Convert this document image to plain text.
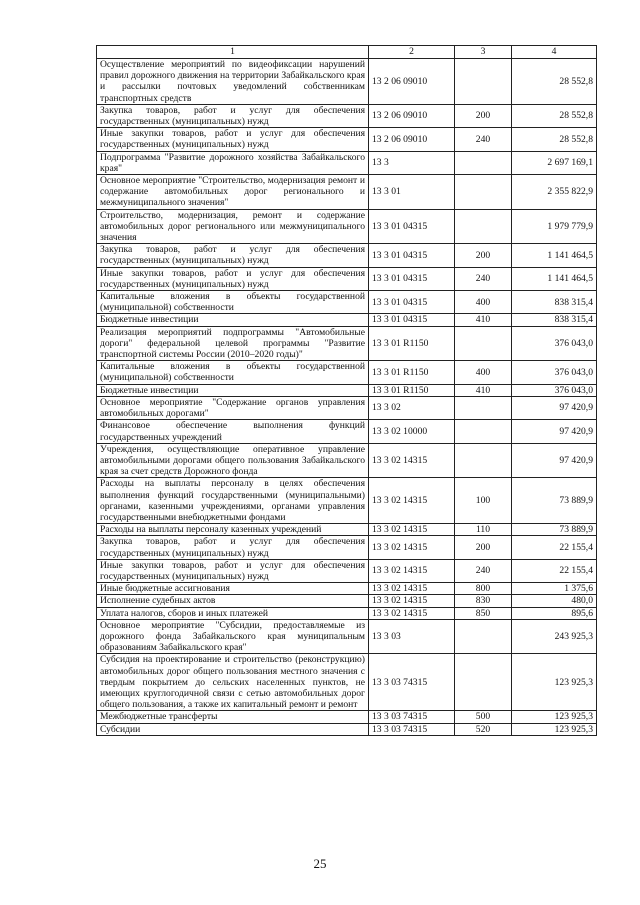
1	2	3	4
Осуществление мероприятий по видеофиксации нарушений правил дорожного движения на территории Забайкальского края и рассылки почтовых уведомлений собственникам транспортных средств	13 2 06 09010		28 552,8
Закупка товаров, работ и услуг для обеспечения государственных (муниципальных) нужд	13 2 06 09010	200	28 552,8
Иные закупки товаров, работ и услуг для обеспечения государственных (муниципальных) нужд	13 2 06 09010	240	28 552,8
Подпрограмма "Развитие дорожного хозяйства Забайкальского края"	13 3		2 697 169,1
Основное мероприятие "Строительство, модернизация ремонт и содержание автомобильных дорог регионального и межмуниципального значения"	13 3 01		2 355 822,9
Строительство, модернизация, ремонт и содержание автомобильных дорог регионального или межмуниципального значения	13 3 01 04315		1 979 779,9
Закупка товаров, работ и услуг для обеспечения государственных (муниципальных) нужд	13 3 01 04315	200	1 141 464,5
Иные закупки товаров, работ и услуг для обеспечения государственных (муниципальных) нужд	13 3 01 04315	240	1 141 464,5
Капитальные вложения в объекты государственной (муниципальной) собственности	13 3 01 04315	400	838 315,4
Бюджетные инвестиции	13 3 01 04315	410	838 315,4
Реализация мероприятий подпрограммы "Автомобильные дороги" федеральной целевой программы "Развитие транспортной системы России (2010–2020 годы)"	13 3 01 R1150		376 043,0
Капитальные вложения в объекты государственной (муниципальной) собственности	13 3 01 R1150	400	376 043,0
Бюджетные инвестиции	13 3 01 R1150	410	376 043,0
Основное мероприятие "Содержание органов управления автомобильных дорогами"	13 3 02		97 420,9
Финансовое обеспечение выполнения функций государственных учреждений	13 3 02 10000		97 420,9
Учреждения, осуществляющие оперативное управление автомобильными дорогами общего пользования Забайкальского края за счет средств Дорожного фонда	13 3 02 14315		97 420,9
Расходы на выплаты персоналу в целях обеспечения выполнения функций государственными (муниципальными) органами, казенными учреждениями, органами управления государственными внебюджетными фондами	13 3 02 14315	100	73 889,9
Расходы на выплаты персоналу казенных учреждений	13 3 02 14315	110	73 889,9
Закупка товаров, работ и услуг для обеспечения государственных (муниципальных) нужд	13 3 02 14315	200	22 155,4
Иные закупки товаров, работ и услуг для обеспечения государственных (муниципальных) нужд	13 3 02 14315	240	22 155,4
Иные бюджетные ассигнования	13 3 02 14315	800	1 375,6
Исполнение судебных актов	13 3 02 14315	830	480,0
Уплата налогов, сборов и иных платежей	13 3 02 14315	850	895,6
Основное мероприятие "Субсидии, предоставляемые из дорожного фонда Забайкальского края муниципальным образованиям Забайкальского края"	13 3 03		243 925,3
Субсидия на проектирование и строительство (реконструкцию) автомобильных дорог общего пользования местного значения с твердым покрытием до сельских населенных пунктов, не имеющих круглогодичной связи с сетью автомобильных дорог общего пользования, а также их капитальный ремонт и ремонт	13 3 03 74315		123 925,3
Межбюджетные трансферты	13 3 03 74315	500	123 925,3
Субсидии	13 3 03 74315	520	123 925,3
25
